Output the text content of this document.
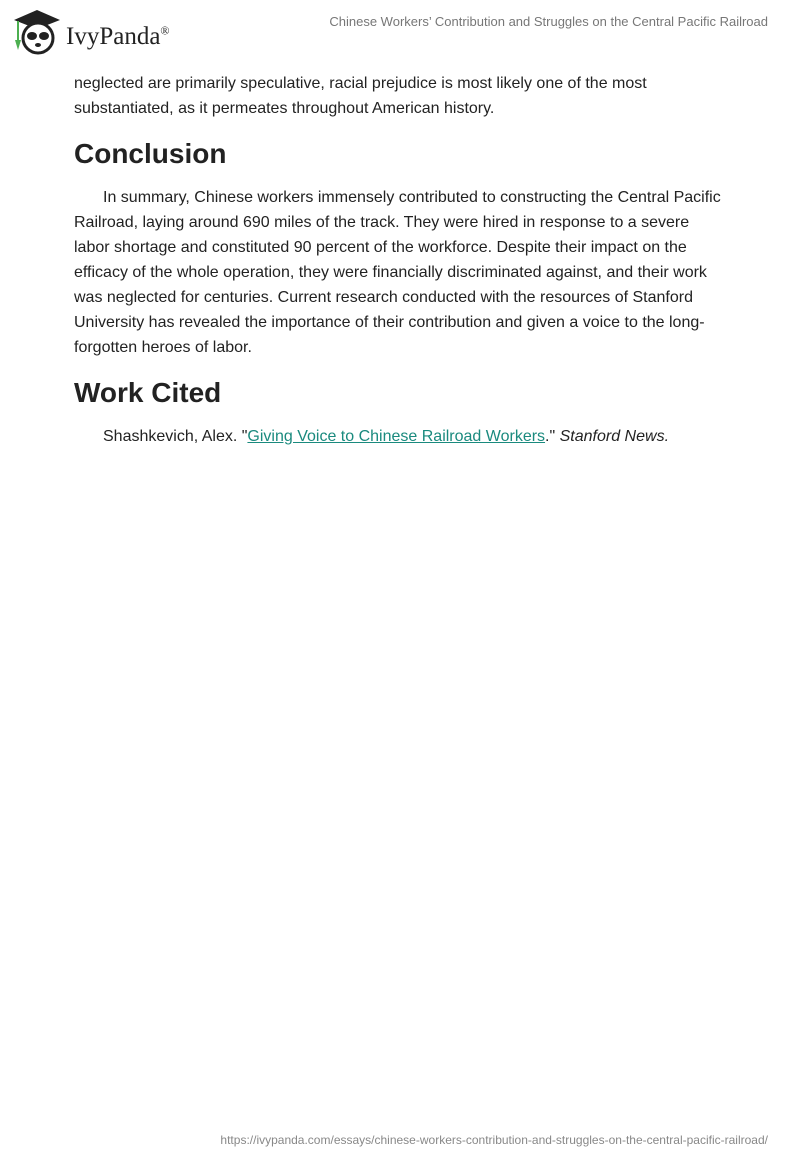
IvyPanda®
Chinese Workers’ Contribution and Struggles on the Central Pacific Railroad

neglected are primarily speculative, racial prejudice is most likely one of the most substantiated, as it permeates throughout American history.

Conclusion

In summary, Chinese workers immensely contributed to constructing the Central Pacific Railroad, laying around 690 miles of the track. They were hired in response to a severe labor shortage and constituted 90 percent of the workforce. Despite their impact on the efficacy of the whole operation, they were financially discriminated against, and their work was neglected for centuries. Current research conducted with the resources of Stanford University has revealed the importance of their contribution and given a voice to the long-forgotten heroes of labor.

Work Cited

Shashkevich, Alex. "Giving Voice to Chinese Railroad Workers." Stanford News.

https://ivypanda.com/essays/chinese-workers-contribution-and-struggles-on-the-central-pacific-railroad/
